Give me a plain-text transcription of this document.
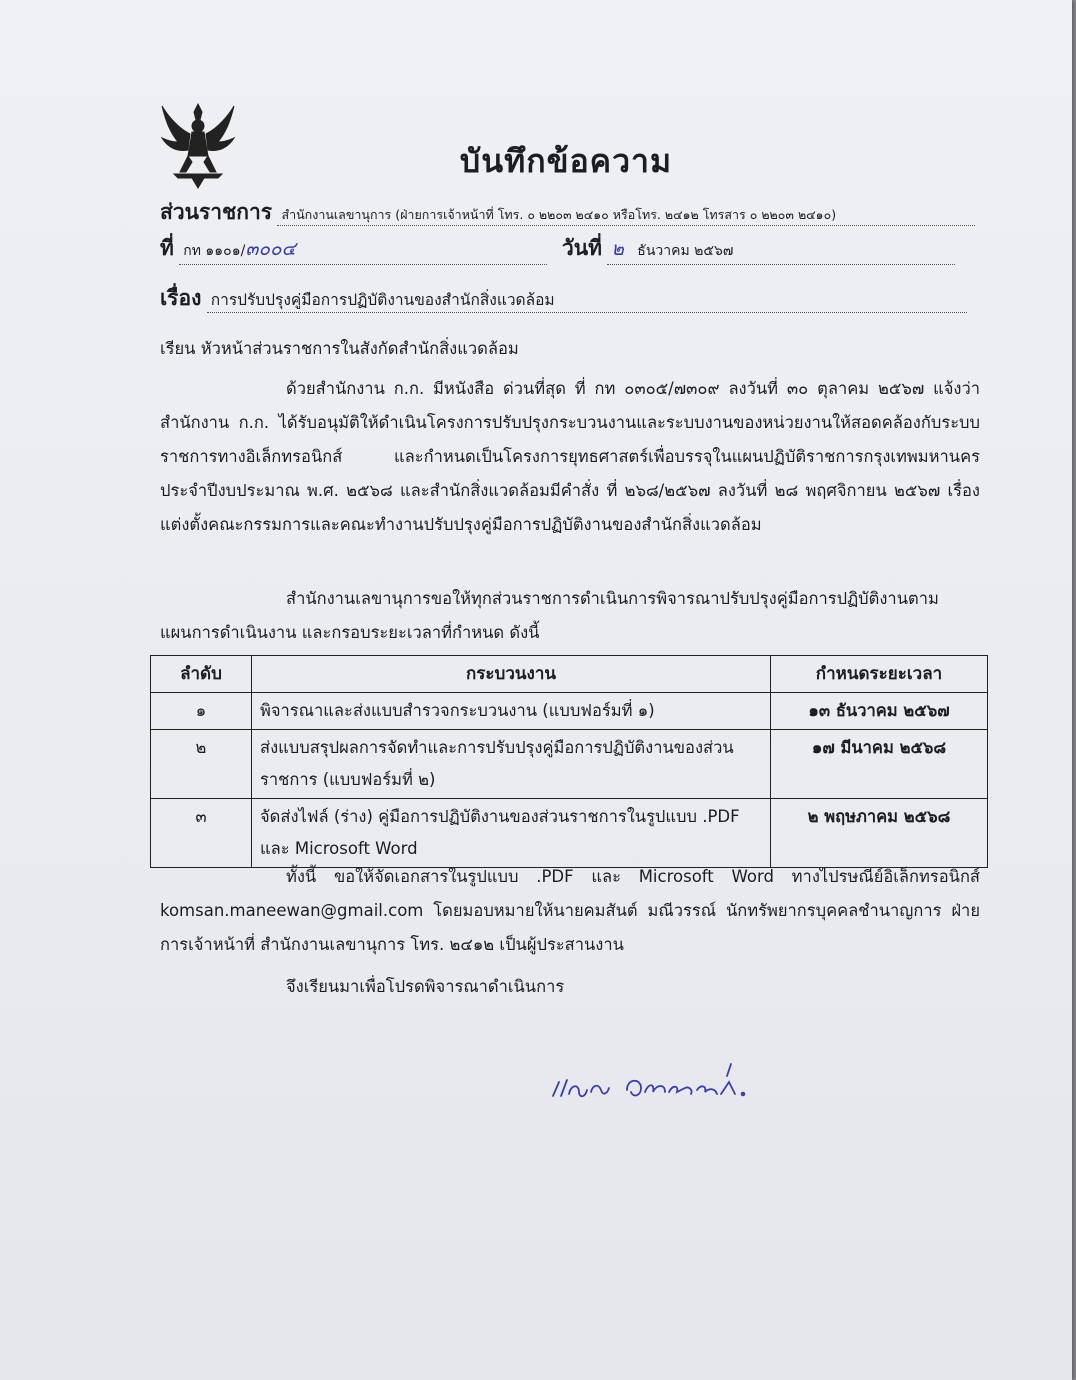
บันทึกข้อความ
ส่วนราชการ สำนักงานเลขานุการ (ฝ่ายการเจ้าหน้าที่ โทร. ๐ ๒๒๐๓ ๒๔๑๐ หรือโทร. ๒๔๑๒ โทรสาร ๐ ๒๒๐๓ ๒๔๑๐)
ที่ กท ๑๑๐๑/๓๐๐๔	วันที่ ๒ ธันวาคม ๒๕๖๗
เรื่อง การปรับปรุงคู่มือการปฏิบัติงานของสำนักสิ่งแวดล้อม
เรียน หัวหน้าส่วนราชการในสังกัดสำนักสิ่งแวดล้อม
ด้วยสำนักงาน ก.ก. มีหนังสือ ด่วนที่สุด ที่ กท ๐๓๐๕/๗๓๐๙ ลงวันที่ ๓๐ ตุลาคม ๒๕๖๗ แจ้งว่า สำนักงาน ก.ก. ได้รับอนุมัติให้ดำเนินโครงการปรับปรุงกระบวนงานและระบบงานของหน่วยงานให้สอดคล้องกับระบบราชการทางอิเล็กทรอนิกส์ และกำหนดเป็นโครงการยุทธศาสตร์เพื่อบรรจุในแผนปฏิบัติราชการกรุงเทพมหานคร ประจำปีงบประมาณ พ.ศ. ๒๕๖๘ และสำนักสิ่งแวดล้อมมีคำสั่ง ที่ ๒๖๘/๒๕๖๗ ลงวันที่ ๒๘ พฤศจิกายน ๒๕๖๗ เรื่อง แต่งตั้งคณะกรรมการและคณะทำงานปรับปรุงคู่มือการปฏิบัติงานของสำนักสิ่งแวดล้อม
สำนักงานเลขานุการขอให้ทุกส่วนราชการดำเนินการพิจารณาปรับปรุงคู่มือการปฏิบัติงานตามแผนการดำเนินงาน และกรอบระยะเวลาที่กำหนด ดังนี้
ลำดับ	กระบวนงาน	กำหนดระยะเวลา
๑	พิจารณาและส่งแบบสำรวจกระบวนงาน (แบบฟอร์มที่ ๑)	๑๓ ธันวาคม ๒๕๖๗
๒	ส่งแบบสรุปผลการจัดทำและการปรับปรุงคู่มือการปฏิบัติงานของส่วนราชการ (แบบฟอร์มที่ ๒)	๑๗ มีนาคม ๒๕๖๘
๓	จัดส่งไฟล์ (ร่าง) คู่มือการปฏิบัติงานของส่วนราชการในรูปแบบ .PDF และ Microsoft Word	๒ พฤษภาคม ๒๕๖๘
ทั้งนี้ ขอให้จัดเอกสารในรูปแบบ .PDF และ Microsoft Word ทางไปรษณีย์อิเล็กทรอนิกส์ komsan.maneewan@gmail.com โดยมอบหมายให้นายคมสันต์ มณีวรรณ์ นักทรัพยากรบุคคลชำนาญการ ฝ่ายการเจ้าหน้าที่ สำนักงานเลขานุการ โทร. ๒๔๑๒ เป็นผู้ประสานงาน
จึงเรียนมาเพื่อโปรดพิจารณาดำเนินการ
